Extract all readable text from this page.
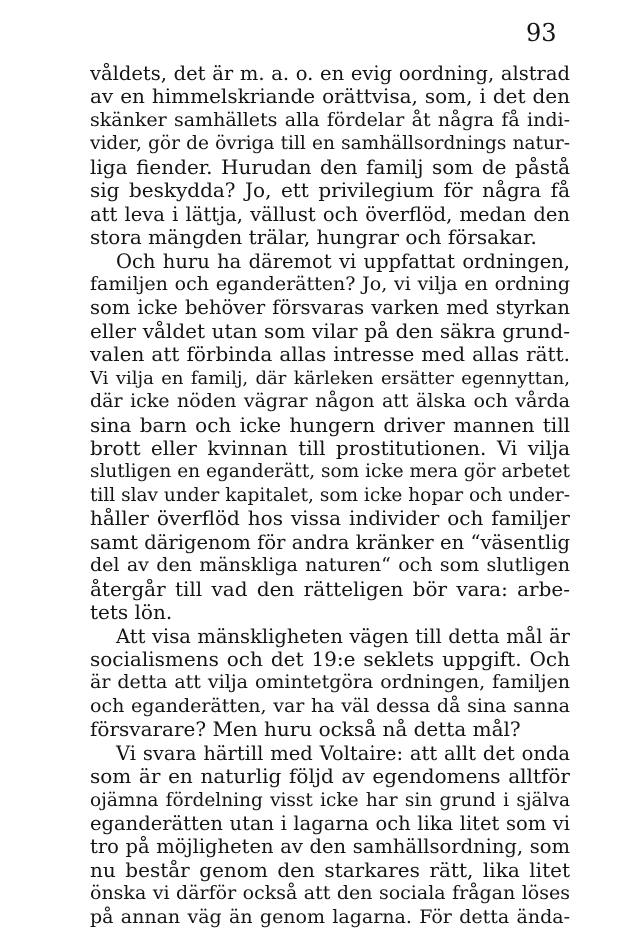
93

våldets, det är m. a. o. en evig oordning, alstrad
av en himmelskriande orättvisa, som, i det den
skänker samhällets alla fördelar åt några få indi-
vider, gör de övriga till en samhällsordnings natur-
liga fiender. Hurudan den familj som de påstå
sig beskydda? Jo, ett privilegium för några få
att leva i lättja, vällust och överflöd, medan den
stora mängden trälar, hungrar och försakar.
Och huru ha däremot vi uppfattat ordningen,
familjen och eganderätten? Jo, vi vilja en ordning
som icke behöver försvaras varken med styrkan
eller våldet utan som vilar på den säkra grund-
valen att förbinda allas intresse med allas rätt.
Vi vilja en familj, där kärleken ersätter egennyttan,
där icke nöden vägrar någon att älska och vårda
sina barn och icke hungern driver mannen till
brott eller kvinnan till prostitutionen. Vi vilja
slutligen en eganderätt, som icke mera gör arbetet
till slav under kapitalet, som icke hopar och under-
håller överflöd hos vissa individer och familjer
samt därigenom för andra kränker en “väsentlig
del av den mänskliga naturen“ och som slutligen
återgår till vad den rätteligen bör vara: arbe-
tets lön.
Att visa mänskligheten vägen till detta mål är
socialismens och det 19:e seklets uppgift. Och
är detta att vilja omintetgöra ordningen, familjen
och eganderätten, var ha väl dessa då sina sanna
försvarare? Men huru också nå detta mål?
Vi svara härtill med Voltaire: att allt det onda
som är en naturlig följd av egendomens alltför
ojämna fördelning visst icke har sin grund i själva
eganderätten utan i lagarna och lika litet som vi
tro på möjligheten av den samhällsordning, som
nu består genom den starkares rätt, lika litet
önska vi därför också att den sociala frågan löses
på annan väg än genom lagarna. För detta ända-
